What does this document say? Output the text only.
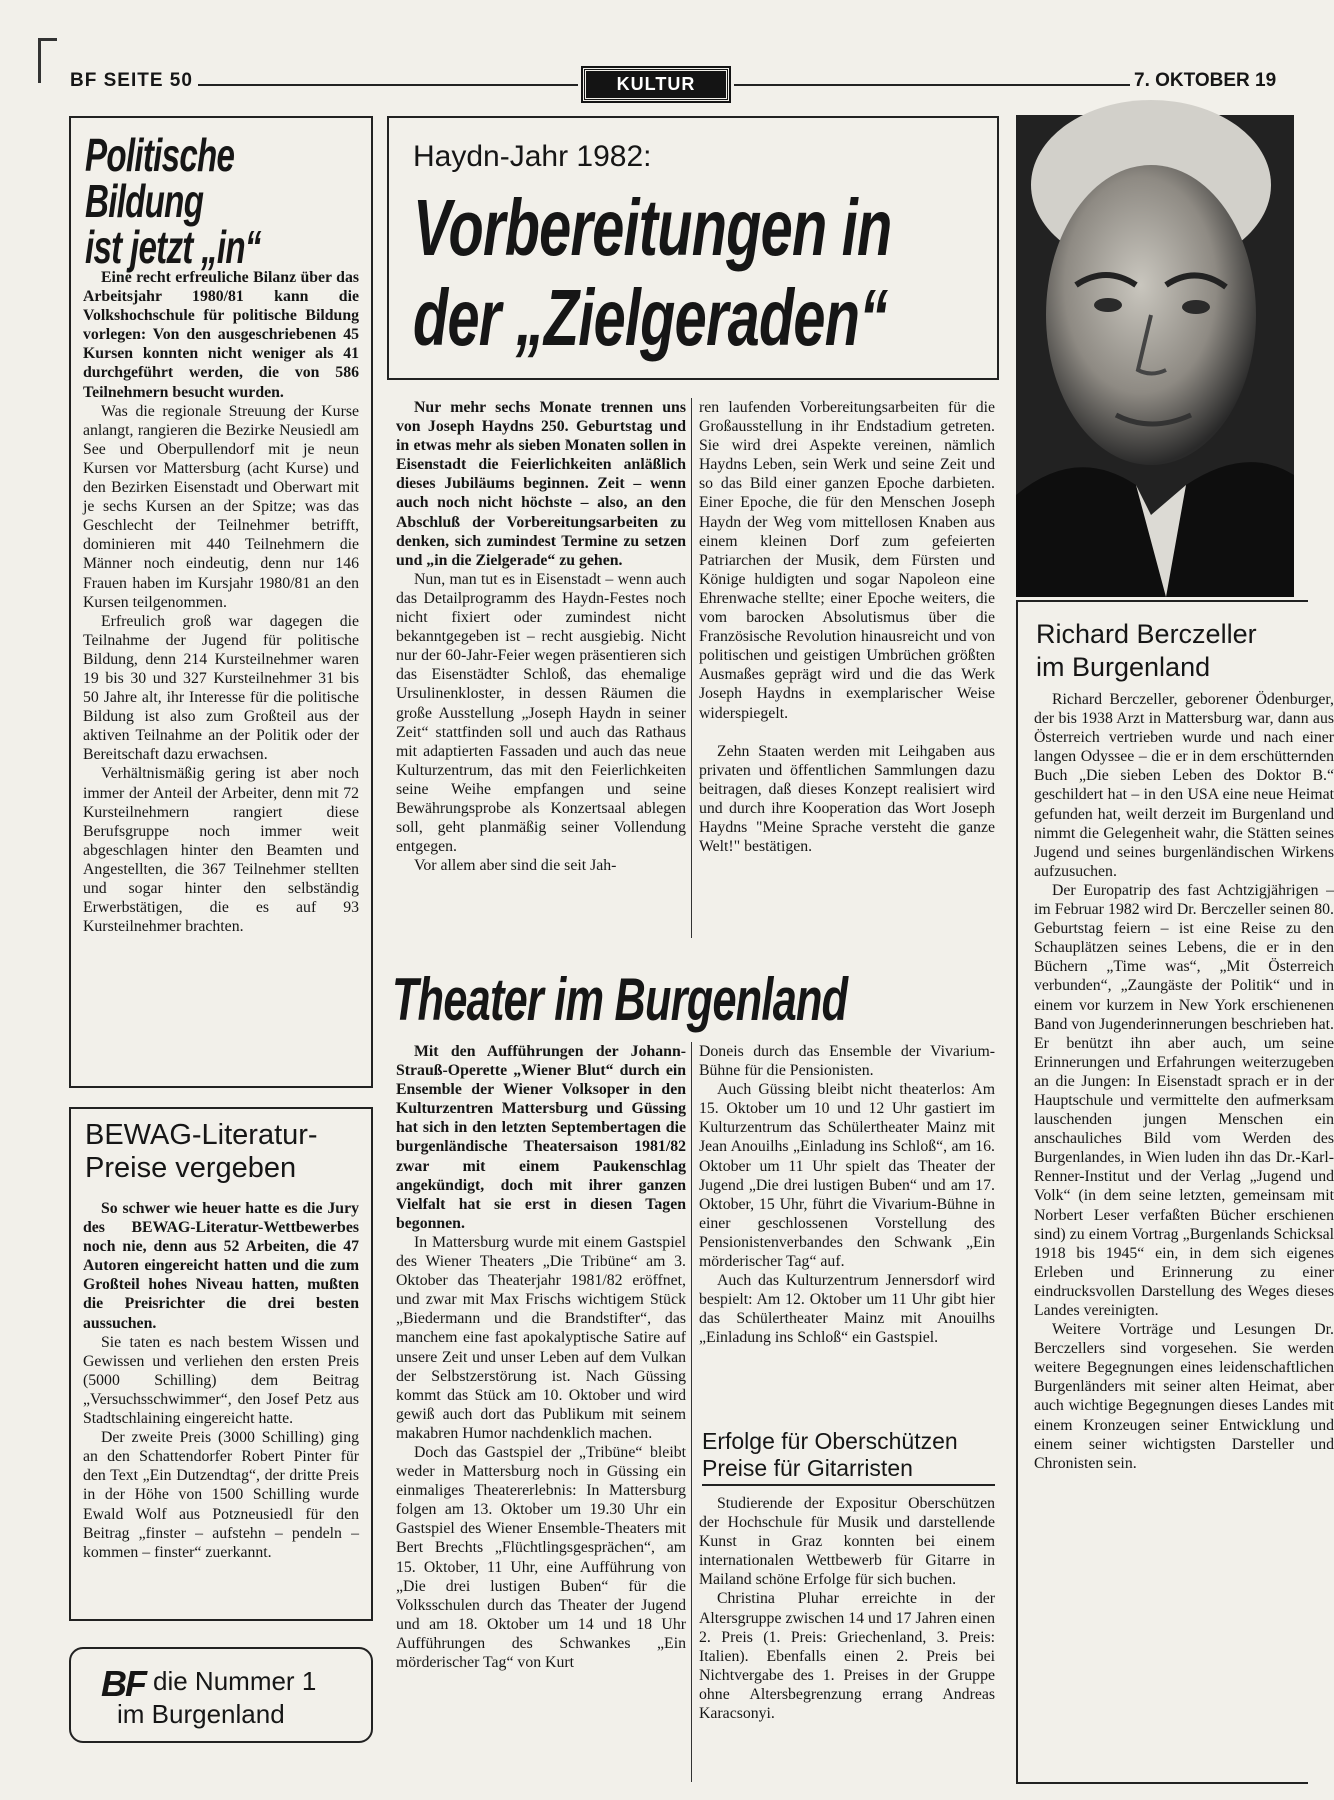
BF SEITE 50	KULTUR	7. OKTOBER 19
Politische
Bildung
ist jetzt „in“

Eine recht erfreuliche Bilanz über das Arbeitsjahr 1980/81 kann die Volkshochschule für politische Bildung vorlegen: Von den ausgeschriebenen 45 Kursen konnten nicht weniger als 41 durchgeführt werden, die von 586 Teilnehmern besucht wurden.

Was die regionale Streuung der Kurse anlangt, rangieren die Bezirke Neusiedl am See und Oberpullendorf mit je neun Kursen vor Mattersburg (acht Kurse) und den Bezirken Eisenstadt und Oberwart mit je sechs Kursen an der Spitze; was das Geschlecht der Teilnehmer betrifft, dominieren mit 440 Teilnehmern die Männer noch eindeutig, denn nur 146 Frauen haben im Kursjahr 1980/81 an den Kursen teilgenommen.

Erfreulich groß war dagegen die Teilnahme der Jugend für politische Bildung, denn 214 Kursteilnehmer waren 19 bis 30 und 327 Kursteilnehmer 31 bis 50 Jahre alt, ihr Interesse für die politische Bildung ist also zum Großteil aus der aktiven Teilnahme an der Politik oder der Bereitschaft dazu erwachsen.

Verhältnismäßig gering ist aber noch immer der Anteil der Arbeiter, denn mit 72 Kursteilnehmern rangiert diese Berufsgruppe noch immer weit abgeschlagen hinter den Beamten und Angestellten, die 367 Teilnehmer stellten und sogar hinter den selbständig Erwerbstätigen, die es auf 93 Kursteilnehmer brachten.

BEWAG-Literatur-
Preise vergeben

So schwer wie heuer hatte es die Jury des BEWAG-Literatur-Wettbewerbes noch nie, denn aus 52 Arbeiten, die 47 Autoren eingereicht hatten und die zum Großteil hohes Niveau hatten, mußten die Preisrichter die drei besten aussuchen.

Sie taten es nach bestem Wissen und Gewissen und verliehen den ersten Preis (5000 Schilling) dem Beitrag „Versuchsschwimmer“, den Josef Petz aus Stadtschlaining eingereicht hatte.

Der zweite Preis (3000 Schilling) ging an den Schattendorfer Robert Pinter für den Text „Ein Dutzendtag“, der dritte Preis in der Höhe von 1500 Schilling wurde Ewald Wolf aus Potzneusiedl für den Beitrag „finster – aufstehn – pendeln – kommen – finster“ zuerkannt.

BF die Nummer 1
im Burgenland
Haydn-Jahr 1982:
Vorbereitungen in
der „Zielgeraden“

Nur mehr sechs Monate trennen uns von Joseph Haydns 250. Geburtstag und in etwas mehr als sieben Monaten sollen in Eisenstadt die Feierlichkeiten anläßlich dieses Jubiläums beginnen. Zeit – wenn auch noch nicht höchste – also, an den Abschluß der Vorbereitungsarbeiten zu denken, sich zumindest Termine zu setzen und „in die Zielgerade“ zu gehen.

Nun, man tut es in Eisenstadt – wenn auch das Detailprogramm des Haydn-Festes noch nicht fixiert oder zumindest nicht bekanntgegeben ist – recht ausgiebig. Nicht nur der 60-Jahr-Feier wegen präsentieren sich das Eisenstädter Schloß, das ehemalige Ursulinenkloster, in dessen Räumen die große Ausstellung „Joseph Haydn in seiner Zeit“ stattfinden soll und auch das Rathaus mit adaptierten Fassaden und auch das neue Kulturzentrum, das mit den Feierlichkeiten seine Weihe empfangen und seine Bewährungsprobe als Konzertsaal ablegen soll, geht planmäßig seiner Vollendung entgegen.

Vor allem aber sind die seit Jah-

ren laufenden Vorbereitungsarbeiten für die Großausstellung in ihr Endstadium getreten. Sie wird drei Aspekte vereinen, nämlich Haydns Leben, sein Werk und seine Zeit und so das Bild einer ganzen Epoche darbieten. Einer Epoche, die für den Menschen Joseph Haydn der Weg vom mittellosen Knaben aus einem kleinen Dorf zum gefeierten Patriarchen der Musik, dem Fürsten und Könige huldigten und sogar Napoleon eine Ehrenwache stellte; einer Epoche weiters, die vom barocken Absolutismus über die Französische Revolution hinausreicht und von politischen und geistigen Umbrüchen größten Ausmaßes geprägt wird und die das Werk Joseph Haydns in exemplarischer Weise widerspiegelt.

Zehn Staaten werden mit Leihgaben aus privaten und öffentlichen Sammlungen dazu beitragen, daß dieses Konzept realisiert wird und durch ihre Kooperation das Wort Joseph Haydns "Meine Sprache versteht die ganze Welt!" bestätigen.

Theater im Burgenland

Mit den Aufführungen der Johann-Strauß-Operette „Wiener Blut“ durch ein Ensemble der Wiener Volksoper in den Kulturzentren Mattersburg und Güssing hat sich in den letzten Septembertagen die burgenländische Theatersaison 1981/82 zwar mit einem Paukenschlag angekündigt, doch mit ihrer ganzen Vielfalt hat sie erst in diesen Tagen begonnen.

In Mattersburg wurde mit einem Gastspiel des Wiener Theaters „Die Tribüne“ am 3. Oktober das Theaterjahr 1981/82 eröffnet, und zwar mit Max Frischs wichtigem Stück „Biedermann und die Brandstifter“, das manchem eine fast apokalyptische Satire auf unsere Zeit und unser Leben auf dem Vulkan der Selbstzerstörung ist. Nach Güssing kommt das Stück am 10. Oktober und wird gewiß auch dort das Publikum mit seinem makabren Humor nachdenklich machen.

Doch das Gastspiel der „Tribüne“ bleibt weder in Mattersburg noch in Güssing ein einmaliges Theatererlebnis: In Mattersburg folgen am 13. Oktober um 19.30 Uhr ein Gastspiel des Wiener Ensemble-Theaters mit Bert Brechts „Flüchtlingsgesprächen“, am 15. Oktober, 11 Uhr, eine Aufführung von „Die drei lustigen Buben“ für die Volksschulen durch das Theater der Jugend und am 18. Oktober um 14 und 18 Uhr Aufführungen des Schwankes „Ein mörderischer Tag“ von Kurt

Doneis durch das Ensemble der Vivarium-Bühne für die Pensionisten.

Auch Güssing bleibt nicht theaterlos: Am 15. Oktober um 10 und 12 Uhr gastiert im Kulturzentrum das Schülertheater Mainz mit Jean Anouilhs „Einladung ins Schloß“, am 16. Oktober um 11 Uhr spielt das Theater der Jugend „Die drei lustigen Buben“ und am 17. Oktober, 15 Uhr, führt die Vivarium-Bühne in einer geschlossenen Vorstellung des Pensionistenverbandes den Schwank „Ein mörderischer Tag“ auf.

Auch das Kulturzentrum Jennersdorf wird bespielt: Am 12. Oktober um 11 Uhr gibt hier das Schülertheater Mainz mit Anouilhs „Einladung ins Schloß“ ein Gastspiel.

Erfolge für Oberschützen
Preise für Gitarristen

Studierende der Expositur Oberschützen der Hochschule für Musik und darstellende Kunst in Graz konnten bei einem internationalen Wettbewerb für Gitarre in Mailand schöne Erfolge für sich buchen.

Christina Pluhar erreichte in der Altersgruppe zwischen 14 und 17 Jahren einen 2. Preis (1. Preis: Griechenland, 3. Preis: Italien). Ebenfalls einen 2. Preis bei Nichtvergabe des 1. Preises in der Gruppe ohne Altersbegrenzung errang Andreas Karacsonyi.

Richard Berczeller
im Burgenland

Richard Berczeller, geborener Ödenburger, der bis 1938 Arzt in Mattersburg war, dann aus Österreich vertrieben wurde und nach einer langen Odyssee – die er in dem erschütternden Buch „Die sieben Leben des Doktor B.“ geschildert hat – in den USA eine neue Heimat gefunden hat, weilt derzeit im Burgenland und nimmt die Gelegenheit wahr, die Stätten seines Jugend und seines burgenländischen Wirkens aufzusuchen.

Der Europatrip des fast Achtzigjährigen – im Februar 1982 wird Dr. Berczeller seinen 80. Geburtstag feiern – ist eine Reise zu den Schauplätzen seines Lebens, die er in den Büchern „Time was“, „Mit Österreich verbunden“, „Zaungäste der Politik“ und in einem vor kurzem in New York erschienenen Band von Jugenderinnerungen beschrieben hat. Er benützt ihn aber auch, um seine Erinnerungen und Erfahrungen weiterzugeben an die Jungen: In Eisenstadt sprach er in der Hauptschule und vermittelte den aufmerksam lauschenden jungen Menschen ein anschauliches Bild vom Werden des Burgenlandes, in Wien luden ihn das Dr.-Karl-Renner-Institut und der Verlag „Jugend und Volk“ (in dem seine letzten, gemeinsam mit Norbert Leser verfaßten Bücher erschienen sind) zu einem Vortrag „Burgenlands Schicksal 1918 bis 1945“ ein, in dem sich eigenes Erleben und Erinnerung zu einer eindrucksvollen Darstellung des Weges dieses Landes vereinigten.

Weitere Vorträge und Lesungen Dr. Berczellers sind vorgesehen. Sie werden weitere Begegnungen eines leidenschaftlichen Burgenländers mit seiner alten Heimat, aber auch wichtige Begegnungen dieses Landes mit einem Kronzeugen seiner Entwicklung und einem seiner wichtigsten Darsteller und Chronisten sein.
